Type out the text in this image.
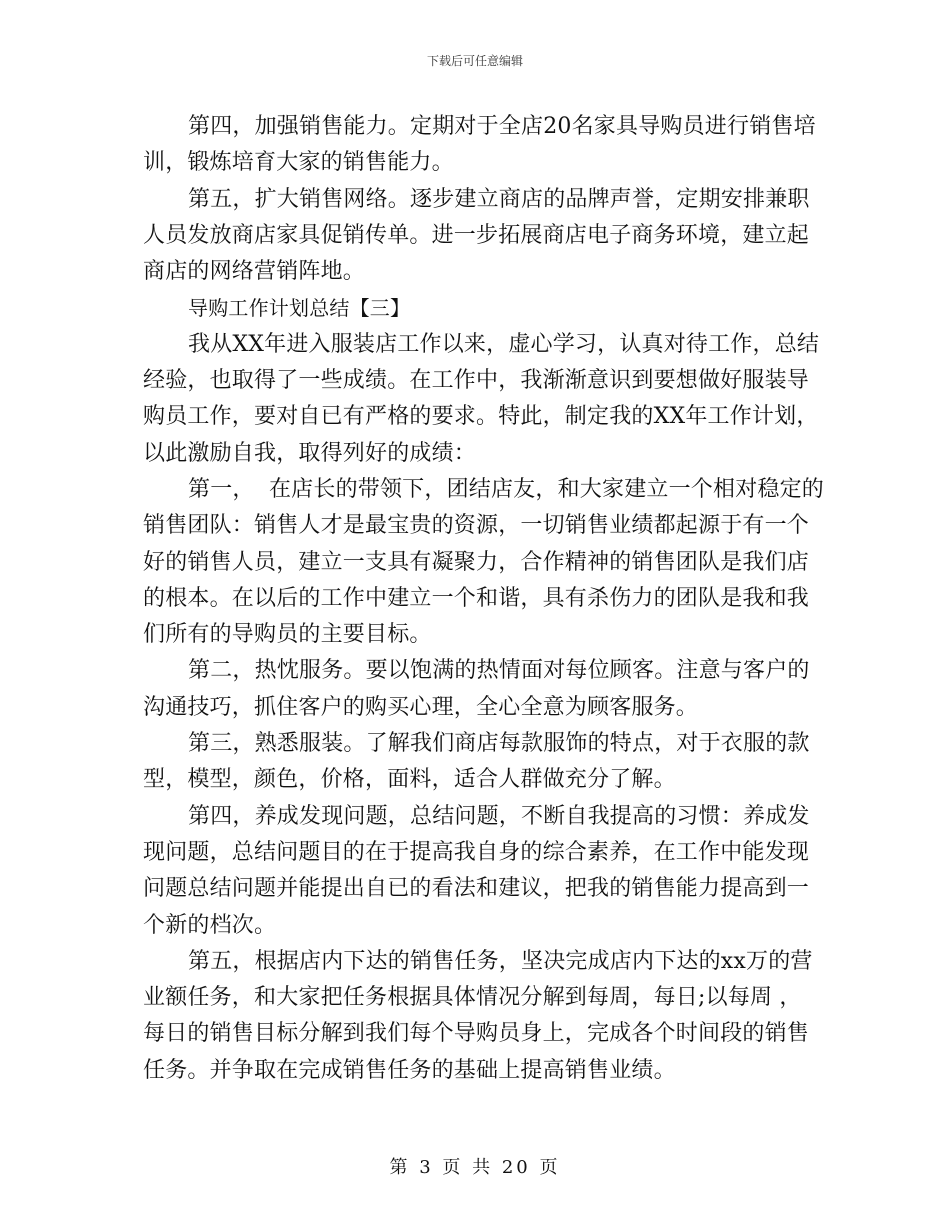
下载后可任意编辑

第四，加强销售能力。定期对于全店20名家具导购员进行销售培
训，锻炼培育大家的销售能力。

第五，扩大销售网络。逐步建立商店的品牌声誉，定期安排兼职
人员发放商店家具促销传单。进一步拓展商店电子商务环境，建立起
商店的网络营销阵地。

导购工作计划总结【三】

我从XX年进入服装店工作以来，虚心学习，认真对待工作，总结
经验，也取得了一些成绩。在工作中，我渐渐意识到要想做好服装导
购员工作，要对自已有严格的要求。特此，制定我的XX年工作计划，
以此激励自我，取得列好的成绩：

第一，  在店长的带领下，团结店友，和大家建立一个相对稳定的
销售团队：销售人才是最宝贵的资源，一切销售业绩都起源于有一个
好的销售人员，建立一支具有凝聚力，合作精神的销售团队是我们店
的根本。在以后的工作中建立一个和谐，具有杀伤力的团队是我和我
们所有的导购员的主要目标。

第二，热忱服务。要以饱满的热情面对每位顾客。注意与客户的
沟通技巧，抓住客户的购买心理，全心全意为顾客服务。

第三，熟悉服装。了解我们商店每款服饰的特点，对于衣服的款
型，模型，颜色，价格，面料，适合人群做充分了解。

第四，养成发现问题，总结问题，不断自我提高的习惯：养成发
现问题，总结问题目的在于提高我自身的综合素养，在工作中能发现
问题总结问题并能提出自已的看法和建议，把我的销售能力提高到一
个新的档次。

第五，根据店内下达的销售任务，坚决完成店内下达的xx万的营
业额任务，和大家把任务根据具体情况分解到每周，每日;以每周 ，
每日的销售目标分解到我们每个导购员身上，完成各个时间段的销售
任务。并争取在完成销售任务的基础上提高销售业绩。

第 3 页 共 20 页
